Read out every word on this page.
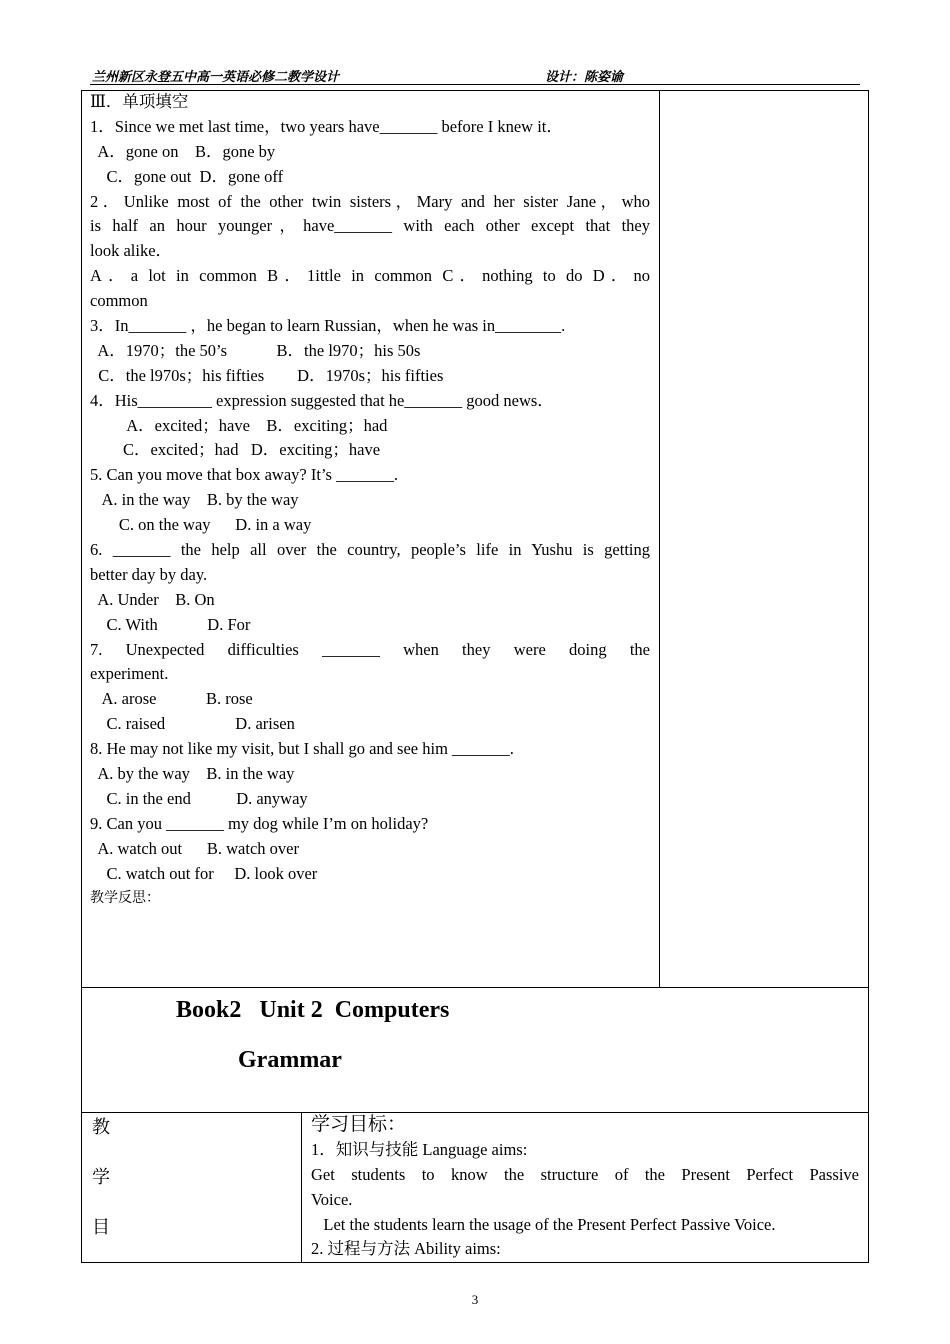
兰州新区永登五中高一英语必修二教学设计	设计：陈姿谕
Ⅲ．单项填空
1．Since we met last time，two years have_______ before I knew it．
A．gone on    B．gone by
C．gone out  D．gone off
2．Unlike most of the other twin sisters，Mary and her sister Jane，who
is half an hour younger，have_______ with each other except that they
look alike．
A．a lot in common B．1ittle in common C．nothing to do D．no
common
3．In_______ ，he began to learn Russian，when he was in________.
A．1970；the 50’s            B．the l970；his 50s
C．the l970s；his fifties        D．1970s；his fifties
4．His_________ expression suggested that he_______ good news．
A．excited；have    B．exciting；had
C．excited；had   D．exciting；have
5. Can you move that box away? It’s _______.
A. in the way    B. by the way
C. on the way      D. in a way
6. _______ the help all over the country, people’s life in Yushu is getting
better day by day.
A. Under    B. On
C. With            D. For
7. Unexpected difficulties _______ when they were doing the
experiment.
A. arose            B. rose
C. raised                 D. arisen
8. He may not like my visit, but I shall go and see him _______.
A. by the way    B. in the way
C. in the end           D. anyway
9. Can you _______ my dog while I’m on holiday?
A. watch out      B. watch over
C. watch out for     D. look over
教学反思：
Book2   Unit 2  Computers
Grammar
教
学
目
学习目标：
1．知识与技能 Language aims:
Get students to know the structure of the Present Perfect Passive
Voice.
Let the students learn the usage of the Present Perfect Passive Voice.
2. 过程与方法 Ability aims:
3
